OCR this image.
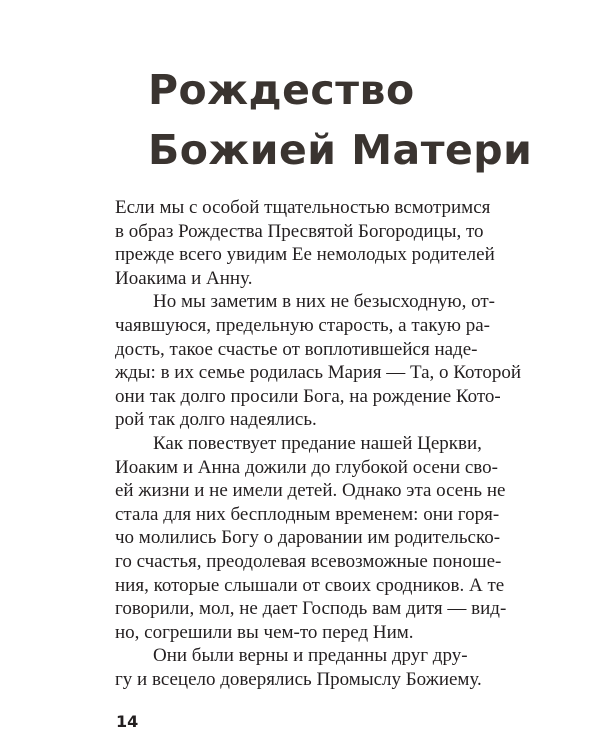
Рождество
Божией Матери
Если мы с особой тщательностью всмотримся
в образ Рождества Пресвятой Богородицы, то
прежде всего увидим Ее немолодых родителей
Иоакима и Анну.
Но мы заметим в них не безысходную, от-
чаявшуюся, предельную старость, а такую ра-
дость, такое счастье от воплотившейся наде-
жды: в их семье родилась Мария — Та, о Которой
они так долго просили Бога, на рождение Кото-
рой так долго надеялись.
Как повествует предание нашей Церкви,
Иоаким и Анна дожили до глубокой осени сво-
ей жизни и не имели детей. Однако эта осень не
стала для них бесплодным временем: они горя-
чо молились Богу о даровании им родительско-
го счастья, преодолевая всевозможные поноше-
ния, которые слышали от своих сродников. А те
говорили, мол, не дает Господь вам дитя — вид-
но, согрешили вы чем-то перед Ним.
Они были верны и преданны друг дру-
гу и всецело доверялись Промыслу Божиему.
14
